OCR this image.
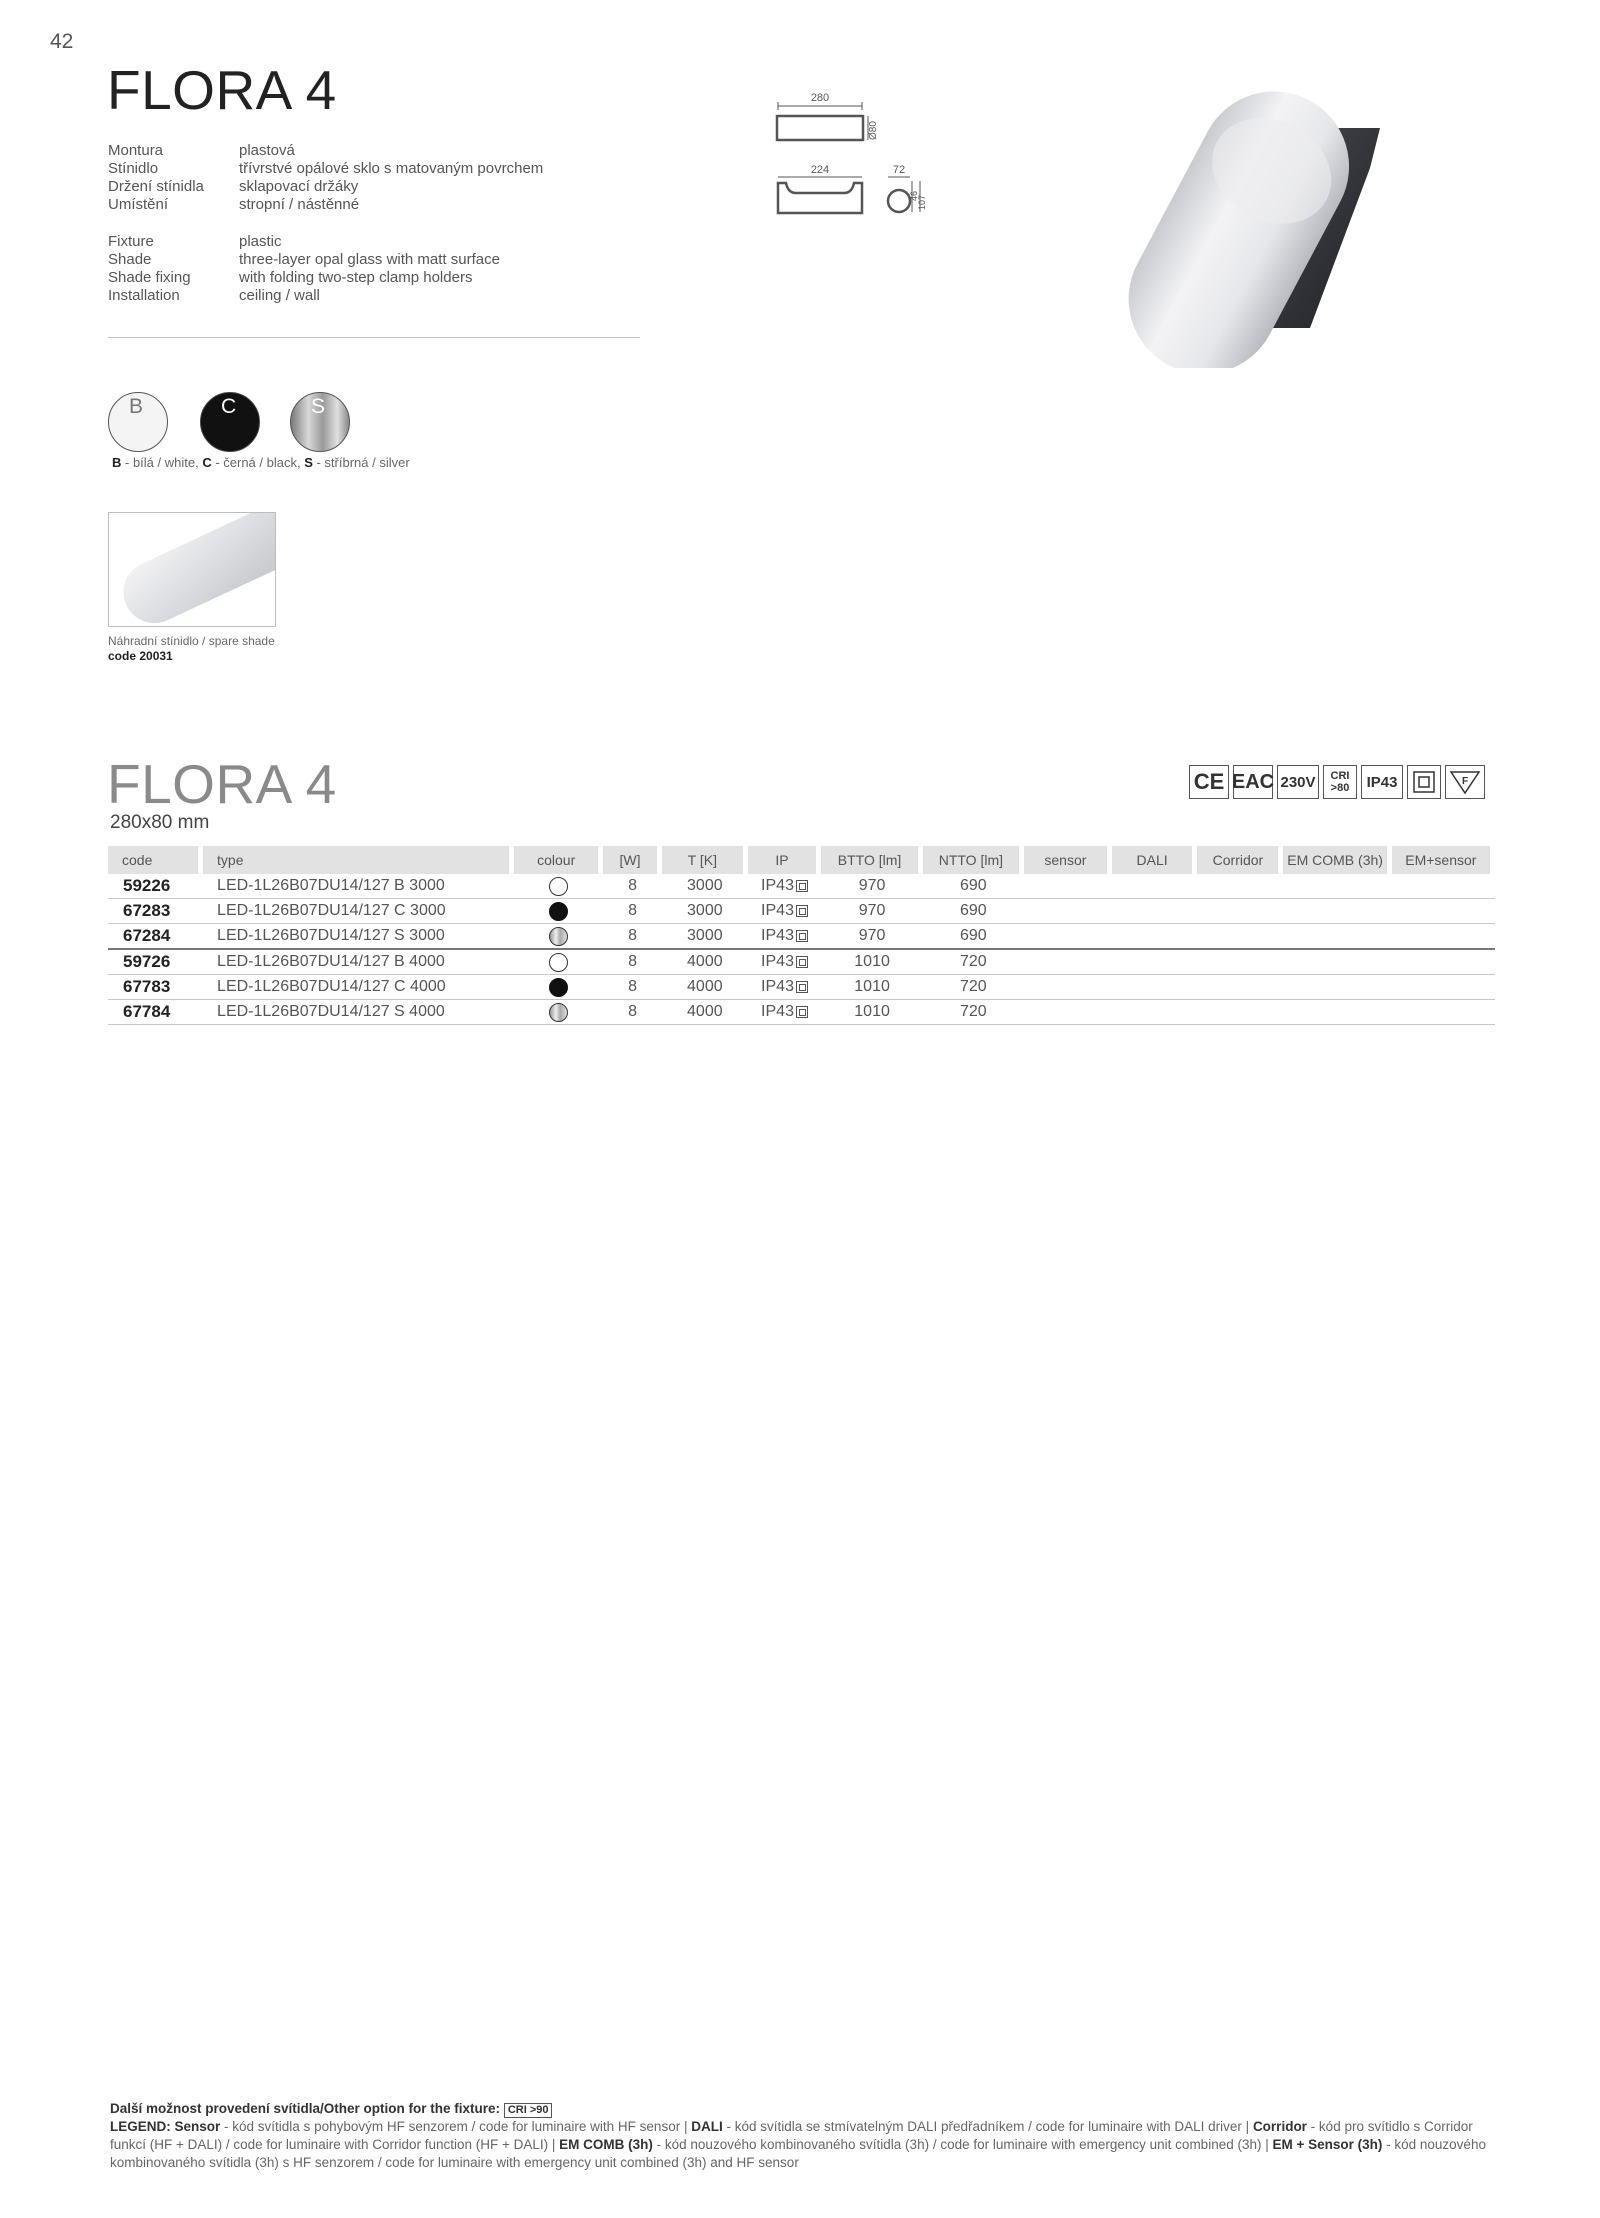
42
FLORA 4
Montura	plastová
Stínidlo	třívrstvé opálové sklo s matovaným povrchem
Držení stínidla	sklapovací držáky
Umístění	stropní / nástěnné
Fixture	plastic
Shade	three-layer opal glass with matt surface
Shade fixing	with folding two-step clamp holders
Installation	ceiling / wall
280
Ø80
224	72
46
107
B	C	S
B - bílá / white, C - černá / black, S - stříbrná / silver
Náhradní stínidlo / spare shade
code 20031
FLORA 4
280x80 mm
CE EAC 230V	CRI
>80	IP43	F
code	type	colour	[W]	T [K]	IP	BTTO [lm]	NTTO [lm]	sensor	DALI	Corridor	EM COMB (3h)	EM+sensor
59226	LED-1L26B07DU14/127 B 3000		8	3000	IP43	970	690					
67283	LED-1L26B07DU14/127 C 3000		8	3000	IP43	970	690					
67284	LED-1L26B07DU14/127 S 3000		8	3000	IP43	970	690					
59726	LED-1L26B07DU14/127 B 4000		8	4000	IP43	1010	720					
67783	LED-1L26B07DU14/127 C 4000		8	4000	IP43	1010	720					
67784	LED-1L26B07DU14/127 S 4000		8	4000	IP43	1010	720					
Další možnost provedení svítidla/Other option for the fixture: CRI >90
LEGEND: Sensor - kód svítidla s pohybovým HF senzorem / code for luminaire with HF sensor | DALI - kód svítidla se stmívatelným DALI předřadníkem / code for luminaire with DALI driver | Corridor - kód pro svítidlo s Corridor funkcí (HF + DALI) / code for luminaire with Corridor function (HF + DALI) | EM COMB (3h) - kód nouzového kombinovaného svítidla (3h) / code for luminaire with emergency unit combined (3h) | EM + Sensor (3h) - kód nouzového kombinovaného svítidla (3h) s HF senzorem / code for luminaire with emergency unit combined (3h) and HF sensor
